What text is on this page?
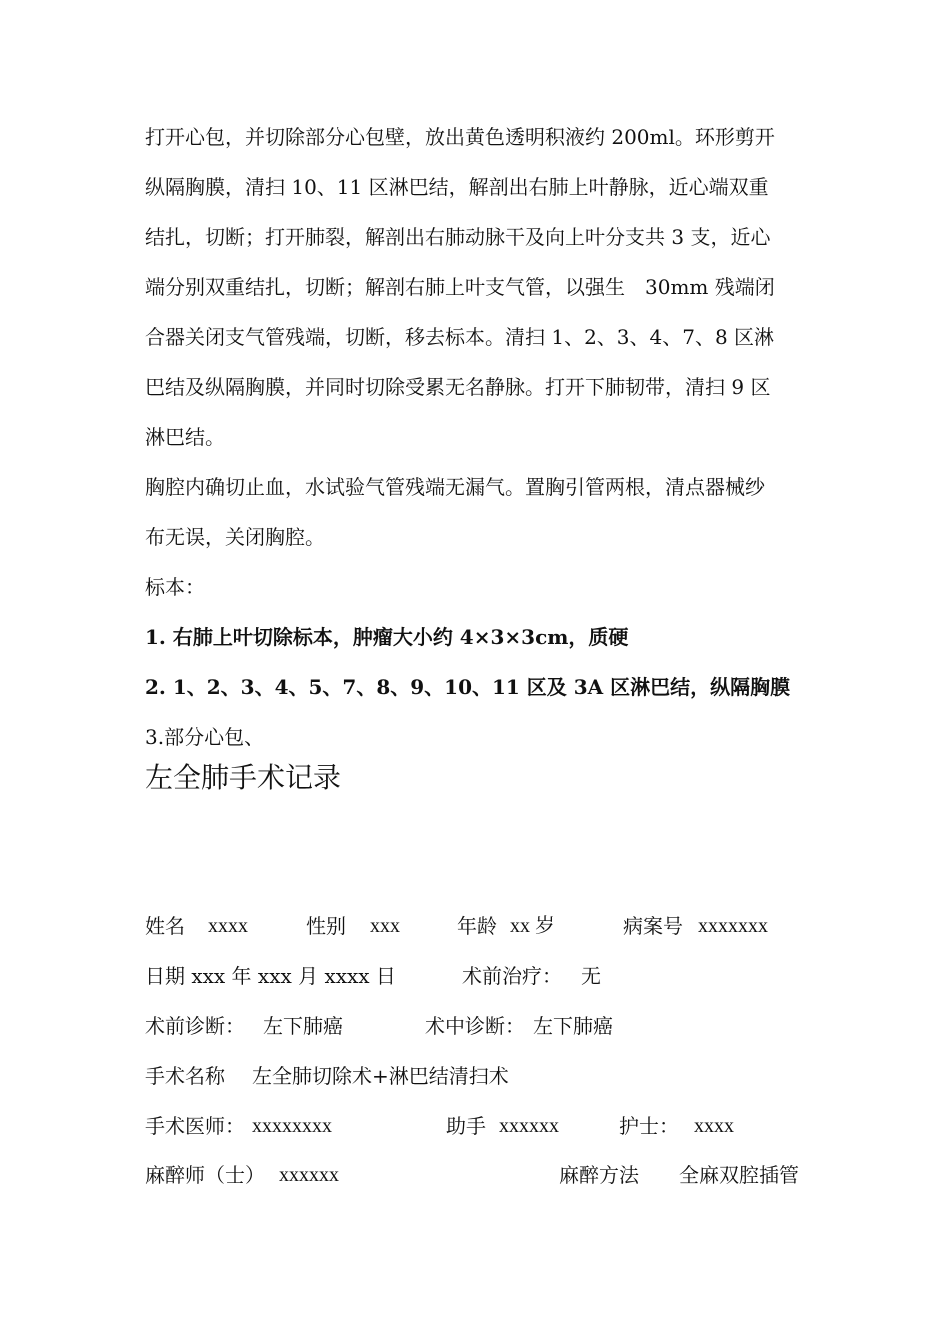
打开心包，并切除部分心包壁，放出黄色透明积液约 200ml。环形剪开
纵隔胸膜，清扫 10、11 区淋巴结，解剖出右肺上叶静脉，近心端双重
结扎，切断；打开肺裂，解剖出右肺动脉干及向上叶分支共 3 支，近心
端分别双重结扎，切断；解剖右肺上叶支气管，以强生　30mm 残端闭
合器关闭支气管残端，切断，移去标本。清扫 1、2、3、4、7、8 区淋
巴结及纵隔胸膜，并同时切除受累无名静脉。打开下肺韧带，清扫 9 区
淋巴结。
胸腔内确切止血，水试验气管残端无漏气。置胸引管两根，清点器械纱
布无误，关闭胸腔。
标本：
1. 右肺上叶切除标本，肿瘤大小约 4×3×3cm，质硬
2. 1、2、3、4、5、7、8、9、10、11 区及 3A 区淋巴结，纵隔胸膜
3.部分心包、
左全肺手术记录
姓名 xxxx	性别 xxx	年龄 xx 岁	病案号 xxxxxxx
日期 xxx 年 xxx 月 xxxx 日	术前治疗： 无
术前诊断： 左下肺癌	术中诊断： 左下肺癌
手术名称 左全肺切除术+淋巴结清扫术
手术医师： xxxxxxxx	助手 xxxxxx	护士： xxxx
麻醉师（士） xxxxxx	麻醉方法 全麻双腔插管
